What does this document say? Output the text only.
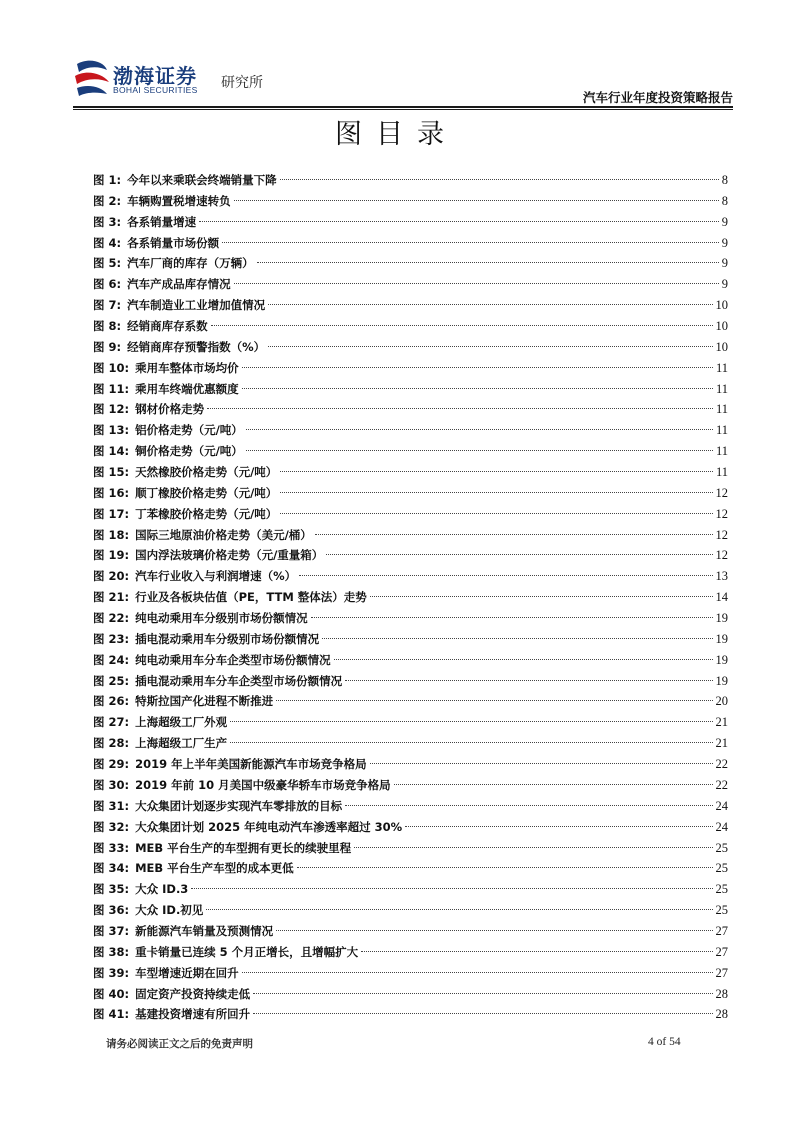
渤海证券
BOHAI SECURITIES 研究所
汽车行业年度投资策略报告
图目录
图 1: 今年以来乘联会终端销量下降	8
图 2: 车辆购置税增速转负	8
图 3: 各系销量增速	9
图 4: 各系销量市场份额	9
图 5: 汽车厂商的库存（万辆）	9
图 6: 汽车产成品库存情况	9
图 7: 汽车制造业工业增加值情况	10
图 8: 经销商库存系数	10
图 9: 经销商库存预警指数（%）	10
图 10: 乘用车整体市场均价	11
图 11: 乘用车终端优惠额度	11
图 12: 钢材价格走势	11
图 13: 铝价格走势（元/吨）	11
图 14: 铜价格走势（元/吨）	11
图 15: 天然橡胶价格走势（元/吨）	11
图 16: 顺丁橡胶价格走势（元/吨）	12
图 17: 丁苯橡胶价格走势（元/吨）	12
图 18: 国际三地原油价格走势（美元/桶）	12
图 19: 国内浮法玻璃价格走势（元/重量箱）	12
图 20: 汽车行业收入与利润增速（%）	13
图 21: 行业及各板块估值（PE，TTM 整体法）走势	14
图 22: 纯电动乘用车分级别市场份额情况	19
图 23: 插电混动乘用车分级别市场份额情况	19
图 24: 纯电动乘用车分车企类型市场份额情况	19
图 25: 插电混动乘用车分车企类型市场份额情况	19
图 26: 特斯拉国产化进程不断推进	20
图 27: 上海超级工厂外观	21
图 28: 上海超级工厂生产	21
图 29: 2019 年上半年美国新能源汽车市场竞争格局	22
图 30: 2019 年前 10 月美国中级豪华轿车市场竞争格局	22
图 31: 大众集团计划逐步实现汽车零排放的目标	24
图 32: 大众集团计划 2025 年纯电动汽车渗透率超过 30%	24
图 33: MEB 平台生产的车型拥有更长的续驶里程	25
图 34: MEB 平台生产车型的成本更低	25
图 35: 大众 ID.3	25
图 36: 大众 ID.初见	25
图 37: 新能源汽车销量及预测情况	27
图 38: 重卡销量已连续 5 个月正增长，且增幅扩大	27
图 39: 车型增速近期在回升	27
图 40: 固定资产投资持续走低	28
图 41: 基建投资增速有所回升	28
请务必阅读正文之后的免责声明	4 of 54
